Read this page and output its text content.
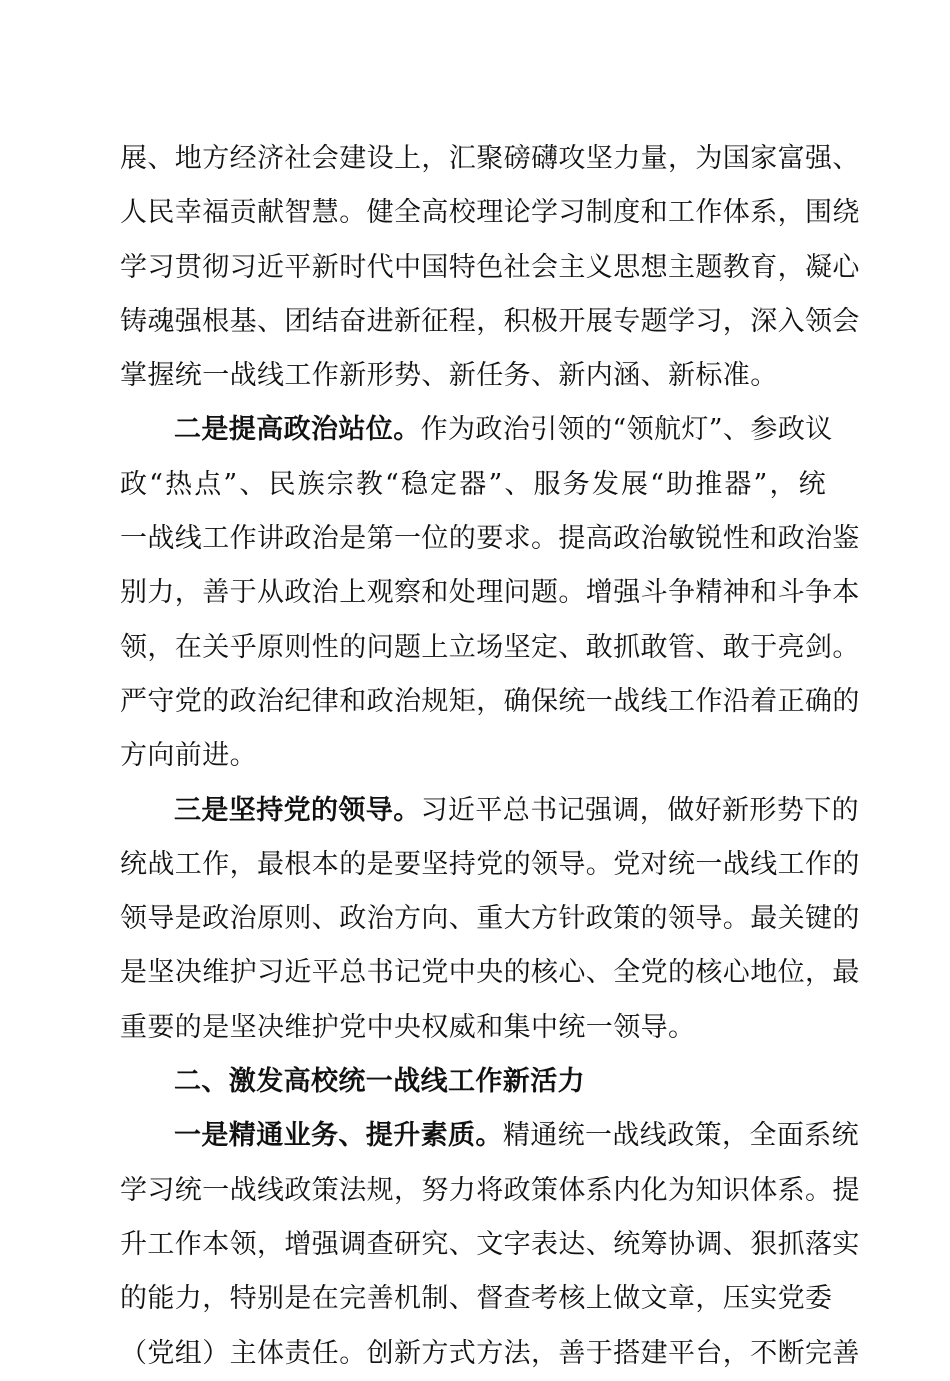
展、地方经济社会建设上，汇聚磅礴攻坚力量，为国家富强、
人民幸福贡献智慧。健全高校理论学习制度和工作体系，围绕
学习贯彻习近平新时代中国特色社会主义思想主题教育，凝心
铸魂强根基、团结奋进新征程，积极开展专题学习，深入领会
掌握统一战线工作新形势、新任务、新内涵、新标准。
二是提高政治站位。作为政治引领的“领航灯”、参政议
政“热点”、民族宗教“稳定器”、服务发展“助推器”，统
一战线工作讲政治是第一位的要求。提高政治敏锐性和政治鉴
别力，善于从政治上观察和处理问题。增强斗争精神和斗争本
领，在关乎原则性的问题上立场坚定、敢抓敢管、敢于亮剑。
严守党的政治纪律和政治规矩，确保统一战线工作沿着正确的
方向前进。
三是坚持党的领导。习近平总书记强调，做好新形势下的
统战工作，最根本的是要坚持党的领导。党对统一战线工作的
领导是政治原则、政治方向、重大方针政策的领导。最关键的
是坚决维护习近平总书记党中央的核心、全党的核心地位，最
重要的是坚决维护党中央权威和集中统一领导。
二、激发高校统一战线工作新活力
一是精通业务、提升素质。精通统一战线政策，全面系统
学习统一战线政策法规，努力将政策体系内化为知识体系。提
升工作本领，增强调查研究、文字表达、统筹协调、狠抓落实
的能力，特别是在完善机制、督查考核上做文章，压实党委
（党组）主体责任。创新方式方法，善于搭建平台，不断完善
